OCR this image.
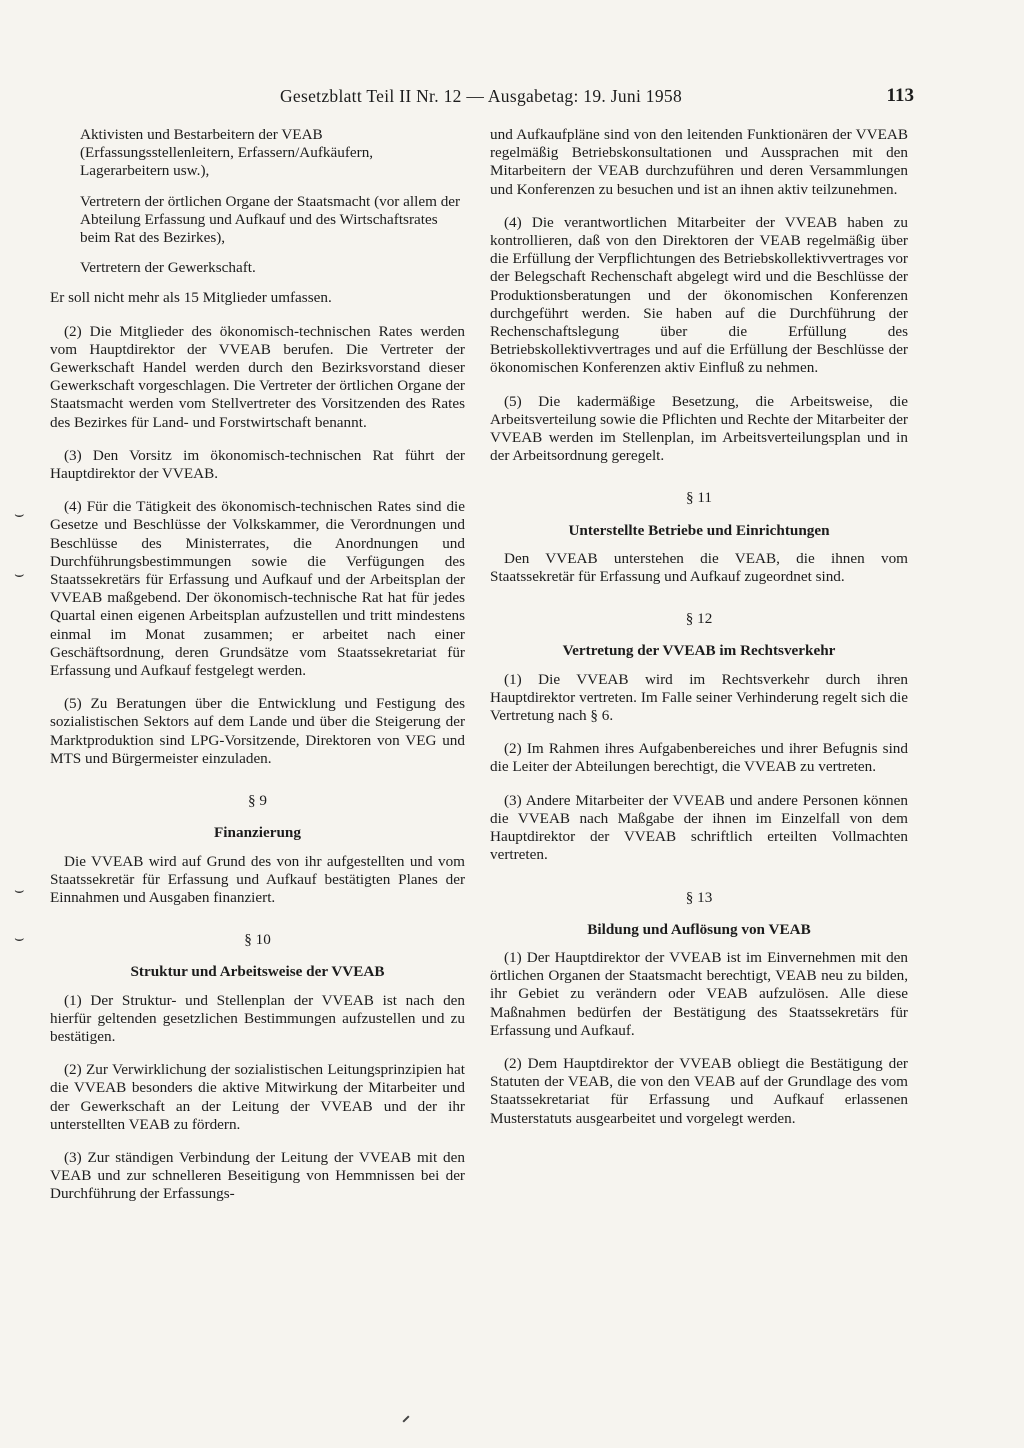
Gesetzblatt Teil II Nr. 12 — Ausgabetag: 19. Juni 1958	113
⌣
⌣
⌣
⌣

Aktivisten und Bestarbeitern der VEAB (Erfassungsstellenleitern, Erfassern/Aufkäufern, Lagerarbeitern usw.),

Vertretern der örtlichen Organe der Staatsmacht (vor allem der Abteilung Erfassung und Aufkauf und des Wirtschaftsrates beim Rat des Bezirkes),

Vertretern der Gewerkschaft.

Er soll nicht mehr als 15 Mitglieder umfassen.

(2) Die Mitglieder des ökonomisch-technischen Rates werden vom Hauptdirektor der VVEAB berufen. Die Vertreter der Gewerkschaft Handel werden durch den Bezirksvorstand dieser Gewerkschaft vorgeschlagen. Die Vertreter der örtlichen Organe der Staatsmacht werden vom Stellvertreter des Vorsitzenden des Rates des Bezirkes für Land- und Forstwirtschaft benannt.

(3) Den Vorsitz im ökonomisch-technischen Rat führt der Hauptdirektor der VVEAB.

(4) Für die Tätigkeit des ökonomisch-technischen Rates sind die Gesetze und Beschlüsse der Volkskammer, die Verordnungen und Beschlüsse des Ministerrates, die Anordnungen und Durchführungsbestimmungen sowie die Verfügungen des Staatssekretärs für Erfassung und Aufkauf und der Arbeitsplan der VVEAB maßgebend. Der ökonomisch-technische Rat hat für jedes Quartal einen eigenen Arbeitsplan aufzustellen und tritt mindestens einmal im Monat zusammen; er arbeitet nach einer Geschäftsordnung, deren Grundsätze vom Staatssekretariat für Erfassung und Aufkauf festgelegt werden.

(5) Zu Beratungen über die Entwicklung und Festigung des sozialistischen Sektors auf dem Lande und über die Steigerung der Marktproduktion sind LPG-Vorsitzende, Direktoren von VEG und MTS und Bürgermeister einzuladen.

§ 9

Finanzierung

Die VVEAB wird auf Grund des von ihr aufgestellten und vom Staatssekretär für Erfassung und Aufkauf bestätigten Planes der Einnahmen und Ausgaben finanziert.

§ 10

Struktur und Arbeitsweise der VVEAB

(1) Der Struktur- und Stellenplan der VVEAB ist nach den hierfür geltenden gesetzlichen Bestimmungen aufzustellen und zu bestätigen.

(2) Zur Verwirklichung der sozialistischen Leitungsprinzipien hat die VVEAB besonders die aktive Mitwirkung der Mitarbeiter und der Gewerkschaft an der Leitung der VVEAB und der ihr unterstellten VEAB zu fördern.

(3) Zur ständigen Verbindung der Leitung der VVEAB mit den VEAB und zur schnelleren Beseitigung von Hemmnissen bei der Durchführung der Erfassungs-

und Aufkaufpläne sind von den leitenden Funktionären der VVEAB regelmäßig Betriebskonsultationen und Aussprachen mit den Mitarbeitern der VEAB durchzuführen und deren Versammlungen und Konferenzen zu besuchen und ist an ihnen aktiv teilzunehmen.

(4) Die verantwortlichen Mitarbeiter der VVEAB haben zu kontrollieren, daß von den Direktoren der VEAB regelmäßig über die Erfüllung der Verpflichtungen des Betriebskollektivvertrages vor der Belegschaft Rechenschaft abgelegt wird und die Beschlüsse der Produktionsberatungen und der ökonomischen Konferenzen durchgeführt werden. Sie haben auf die Durchführung der Rechenschaftslegung über die Erfüllung des Betriebskollektivvertrages und auf die Erfüllung der Beschlüsse der ökonomischen Konferenzen aktiv Einfluß zu nehmen.

(5) Die kadermäßige Besetzung, die Arbeitsweise, die Arbeitsverteilung sowie die Pflichten und Rechte der Mitarbeiter der VVEAB werden im Stellenplan, im Arbeitsverteilungsplan und in der Arbeitsordnung geregelt.

§ 11

Unterstellte Betriebe und Einrichtungen

Den VVEAB unterstehen die VEAB, die ihnen vom Staatssekretär für Erfassung und Aufkauf zugeordnet sind.

§ 12

Vertretung der VVEAB im Rechtsverkehr

(1) Die VVEAB wird im Rechtsverkehr durch ihren Hauptdirektor vertreten. Im Falle seiner Verhinderung regelt sich die Vertretung nach § 6.

(2) Im Rahmen ihres Aufgabenbereiches und ihrer Befugnis sind die Leiter der Abteilungen berechtigt, die VVEAB zu vertreten.

(3) Andere Mitarbeiter der VVEAB und andere Personen können die VVEAB nach Maßgabe der ihnen im Einzelfall von dem Hauptdirektor der VVEAB schriftlich erteilten Vollmachten vertreten.

§ 13

Bildung und Auflösung von VEAB

(1) Der Hauptdirektor der VVEAB ist im Einvernehmen mit den örtlichen Organen der Staatsmacht berechtigt, VEAB neu zu bilden, ihr Gebiet zu verändern oder VEAB aufzulösen. Alle diese Maßnahmen bedürfen der Bestätigung des Staatssekretärs für Erfassung und Aufkauf.

(2) Dem Hauptdirektor der VVEAB obliegt die Bestätigung der Statuten der VEAB, die von den VEAB auf der Grundlage des vom Staatssekretariat für Erfassung und Aufkauf erlassenen Musterstatuts ausgearbeitet und vorgelegt werden.
